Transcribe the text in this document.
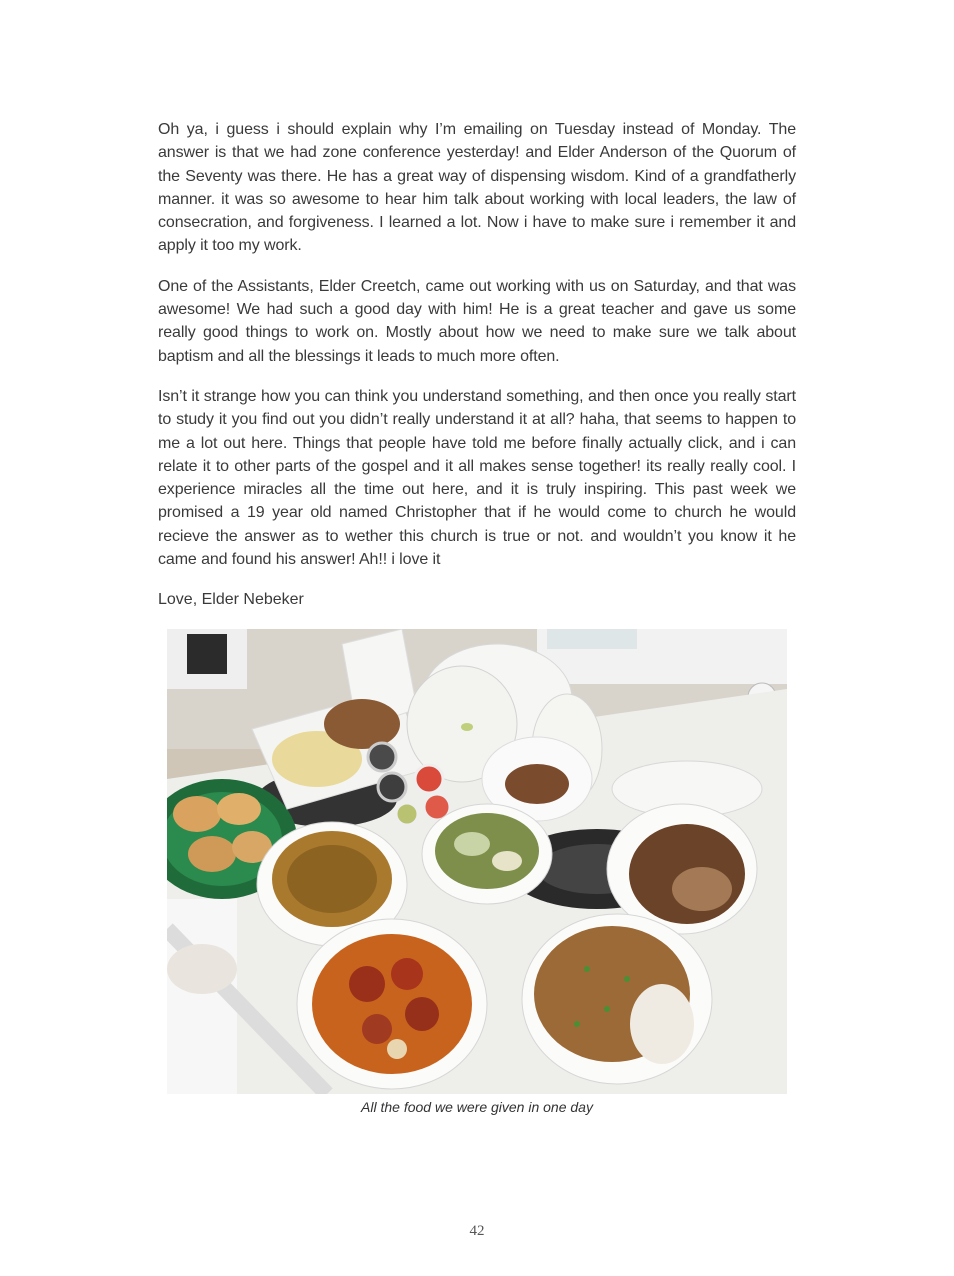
Oh ya, i guess i should explain why I’m emailing on Tuesday instead of Monday. The answer is that we had zone conference yesterday! and Elder Anderson of the Quorum of the Seventy was there. He has a great way of dispensing wisdom. Kind of a grandfatherly manner. it was so awesome to hear him talk about working with local leaders, the law of consecration, and forgiveness. I learned a lot. Now i have to make sure i remember it and apply it too my work.

One of the Assistants, Elder Creetch, came out working with us on Saturday, and that was awesome! We had such a good day with him! He is a great teacher and gave us some really good things to work on. Mostly about how we need to make sure we talk about baptism and all the blessings it leads to much more often.

Isn’t it strange how you can think you understand something, and then once you really start to study it you find out you didn’t really understand it at all? haha, that seems to happen to me a lot out here. Things that people have told me before finally actually click, and i can relate it to other parts of the gospel and it all makes sense together! its really really cool. I experience miracles all the time out here, and it is truly inspiring. This past week we promised a 19 year old named Christopher that if he would come to church he would recieve the answer as to wether this church is true or not. and wouldn’t you know it he came and found his answer! Ah!! i love it

Love, Elder Nebeker

All the food we were given in one day
42
